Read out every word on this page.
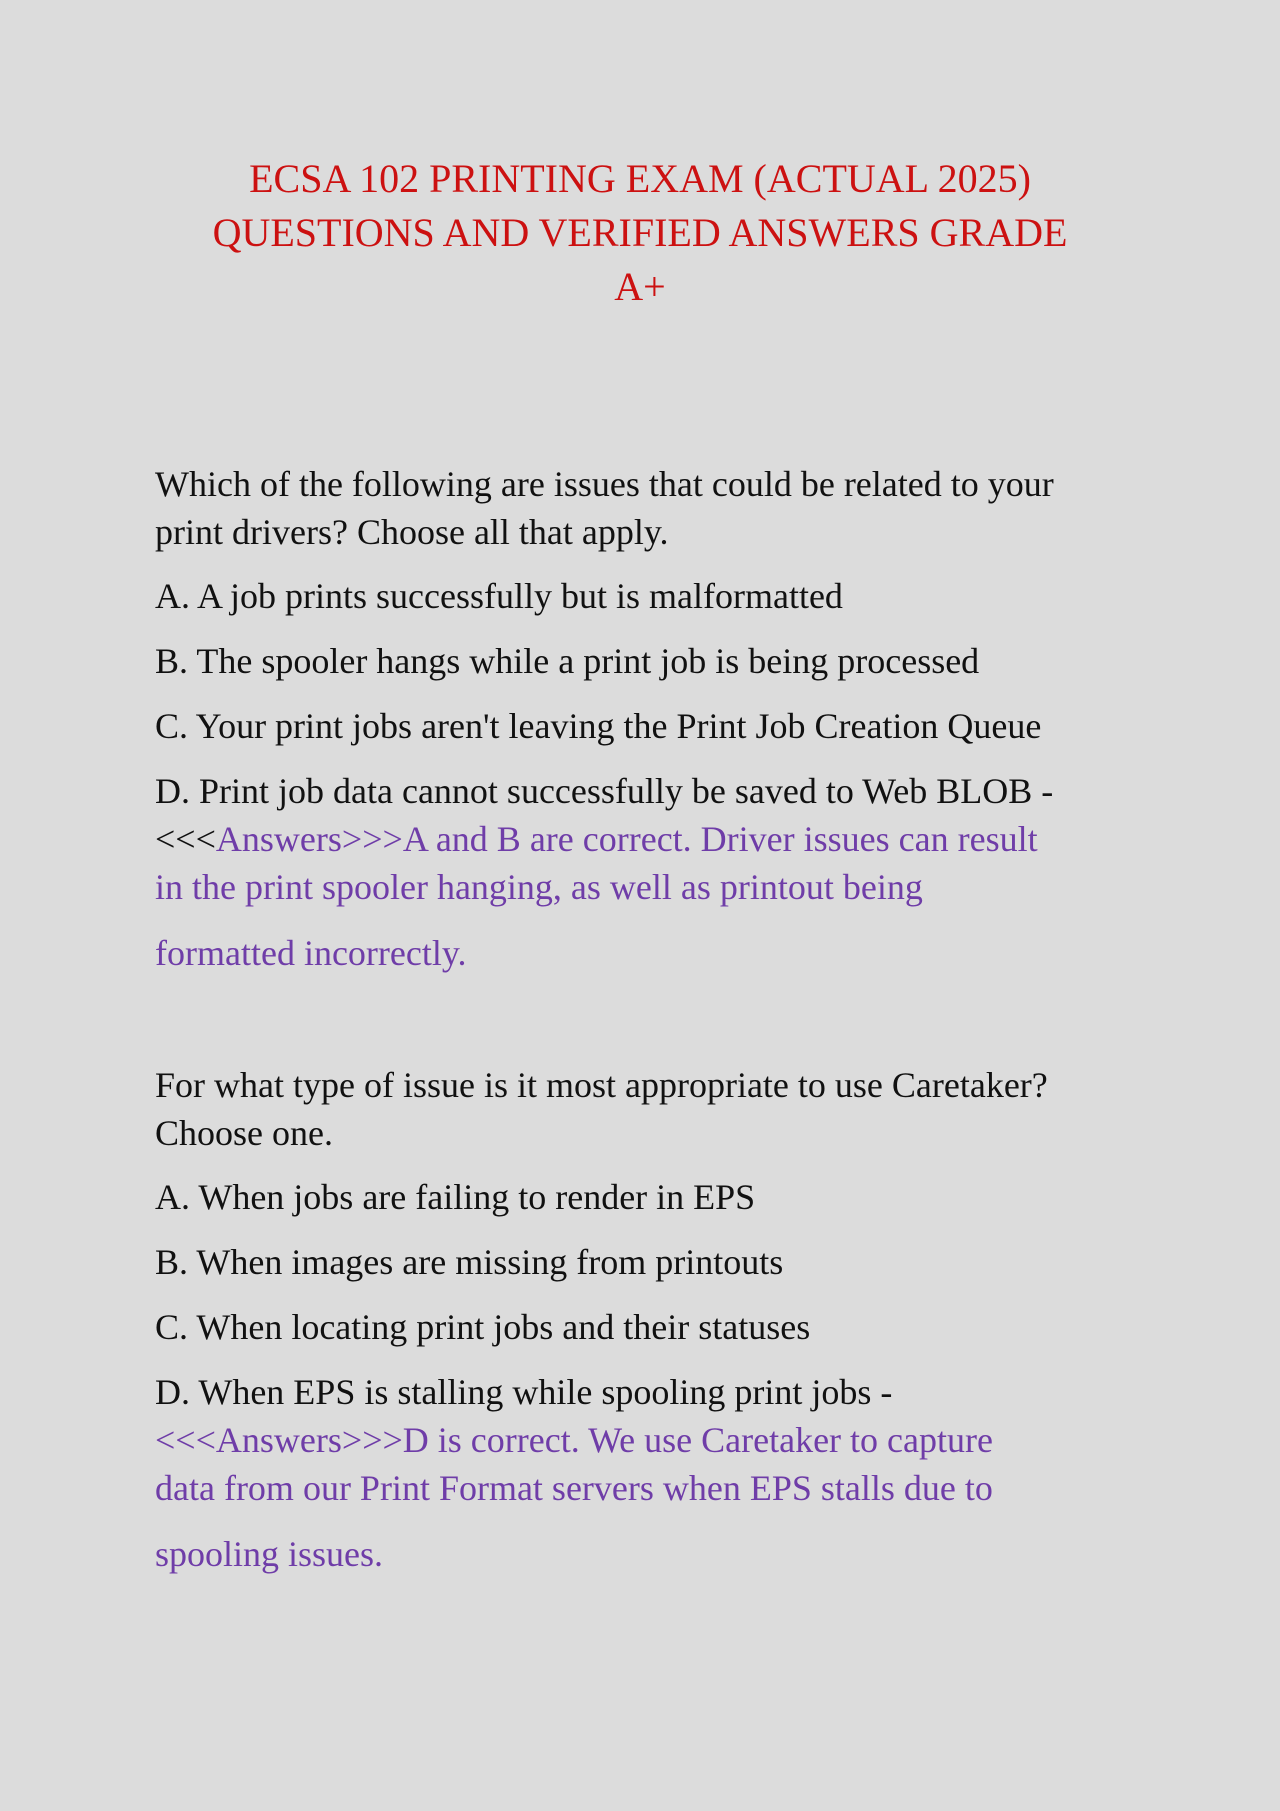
ECSA 102 PRINTING EXAM (ACTUAL 2025)
QUESTIONS AND VERIFIED ANSWERS GRADE
A+
Which of the following are issues that could be related to your
print drivers? Choose all that apply.
A. A job prints successfully but is malformatted
B. The spooler hangs while a print job is being processed
C. Your print jobs aren't leaving the Print Job Creation Queue
D. Print job data cannot successfully be saved to Web BLOB -
<<<Answers>>>A and B are correct. Driver issues can result
in the print spooler hanging, as well as printout being
formatted incorrectly.
For what type of issue is it most appropriate to use Caretaker?
Choose one.
A. When jobs are failing to render in EPS
B. When images are missing from printouts
C. When locating print jobs and their statuses
D. When EPS is stalling while spooling print jobs -
<<<Answers>>>D is correct. We use Caretaker to capture
data from our Print Format servers when EPS stalls due to
spooling issues.
